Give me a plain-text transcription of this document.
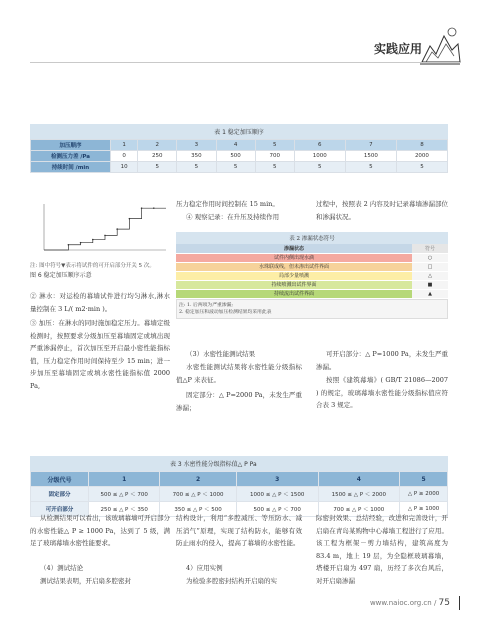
实践应用
表 1 稳定加压顺序
加压顺序	1	2	3	4	5	6	7	8
检测压力差 /Pa	0	250	350	500	700	1000	1500	2000
持续时间 /min	10	5	5	5	5	5	5	5
注: 图中符号▼表示将试件的可开启部分开关 5 次。
图 6 稳定加压顺序示意
② 淋水：对运检的幕墙试件进行均匀淋水,淋水量控制在 3 L/( m2·min )。
③ 加压：在淋水的同时施加稳定压力。幕墙定级检测时，按照要求分级加压至幕墙固定或填出现严重渗漏停止，首次加压至开启最小密性能指标值，压力稳定作用时间保持至少 15 min；进一步加压至幕墙固定或填水密性能指标值 2000 Pa,
压力稳定作用时间控制在 15 min。
④ 观察记录：在升压及持续作用
过程中，按照表 2 内容及时记录幕墙渗漏部位和渗漏状况。
表 2 渗漏状态符号
渗漏状态	符号
试件内侧出现水滴	○
水珠联成线，但未渗出试件界面	□
局部少量喷溅	△
持续喷溅出试件界面	■
持续流出试件界面	▲
注: 1. 后两项为严重渗漏;
2. 稳定加压和波动加压检测结果均采用此表
（3）水密性能测试结果
水密性能测试结果将水密性能分级指标值△P 来表征。
固定部分：△ P=2000 Pa，未发生严重渗漏；
可开启部分：△ P=1000 Pa，未发生严重渗漏。
按照《建筑幕墙》( GB/T 21086—2007 ) 的规定，玻璃幕墙水密性能分级指标值应符合表 3 规定。
表 3 水密性能分级指标值△ P Pa
分级代号	1	2	3	4	5
固定部分	500 ≤ △ P ＜ 700	700 ≤ △ P ＜ 1000	1000 ≤ △ P ＜ 1500	1500 ≤ △ P ＜ 2000	△ P ≥ 2000
可开启部分	250 ≤ △ P ＜ 350	350 ≤ △ P ＜ 500	500 ≤ △ P ＜ 700	700 ≤ △ P ＜ 1000	△ P ≥ 1000
从检测结果可以看出，该玻璃幕墙可开启部分的水密性能△ P ≥ 1000 Pa，达到了 5 级，满足了玻璃幕墙水密性能要求。
（4）测试结论
测试结果表明，开启扇多腔密封
结构设计，利用“多腔减压、等压防水、减压消气”原理，实现了结构防水，能够有效防止雨水的侵入，提高了幕墙的水密性能。
4）应用实例
为检验多腔密封结构开启扇的实
际密封效果、总结经验，改进和完善设计，开启扇在青岛某购物中心幕墙工程进行了应用。该工程为框架－剪力墙结构，建筑高度为 83.4 m，地上 19 层，为全隐框玻璃幕墙，塔楼开启扇为 497 扇，历经了多次台风后，对开启扇渗漏
www.naioc.org.cn / 75
